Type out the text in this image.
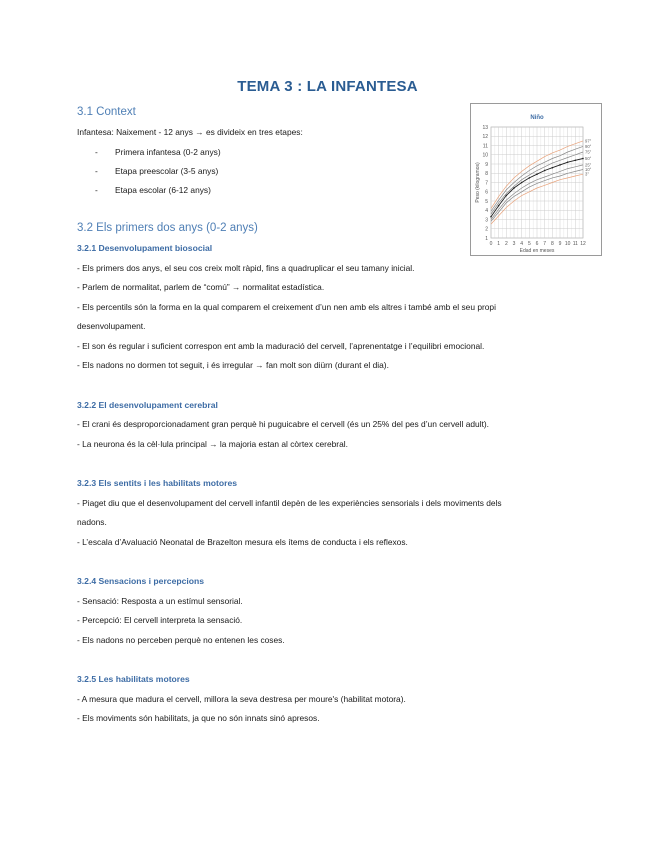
TEMA 3 : LA INFANTESA
Niño
1
2
3
4
5
6
7
8
9
10
11
12
13
0 1 2 3 4 5 6 7 8 9 10 11 12
Edad en meses
Peso (kilogramos)
97°
90°
75°
50°
25°
10°
3°
3.1 Context
Infantesa: Naixement - 12 anys → es divideix en tres etapes:
- Primera infantesa (0-2 anys)
- Etapa preescolar (3-5 anys)
- Etapa escolar (6-12 anys)
3.2 Els primers dos anys (0-2 anys)
3.2.1 Desenvolupament biosocial
- Els primers dos anys, el seu cos creix molt ràpid, fins a quadruplicar el seu tamany inicial.
- Parlem de normalitat, parlem de “comú” → normalitat estadística.
- Els percentils són la forma en la qual comparem el creixement d’un nen amb els altres i també amb el seu propi
desenvolupament.
- El son és regular i suficient correspon ent amb la maduració del cervell, l’aprenentatge i l’equilibri emocional.
- Els nadons no dormen tot seguit, i és irregular → fan molt son diürn (durant el dia).
3.2.2 El desenvolupament cerebral
- El crani és desproporcionadament gran perquè hi puguicabre el cervell (és un 25% del pes d’un cervell adult).
- La neurona és la cèl·lula principal → la majoria estan al còrtex cerebral.
3.2.3 Els sentits i les habilitats motores
- Piaget diu que el desenvolupament del cervell infantil depèn de les experiències sensorials i dels moviments dels
nadons.
- L’escala d’Avaluació Neonatal de Brazelton mesura els ítems de conducta i els reflexos.
3.2.4 Sensacions i percepcions
- Sensació: Resposta a un estímul sensorial.
- Percepció: El cervell interpreta la sensació.
- Els nadons no perceben perquè no entenen les coses.
3.2.5 Les habilitats motores
- A mesura que madura el cervell, millora la seva destresa per moure's (habilitat motora).
- Els moviments són habilitats, ja que no són innats sinó apresos.
